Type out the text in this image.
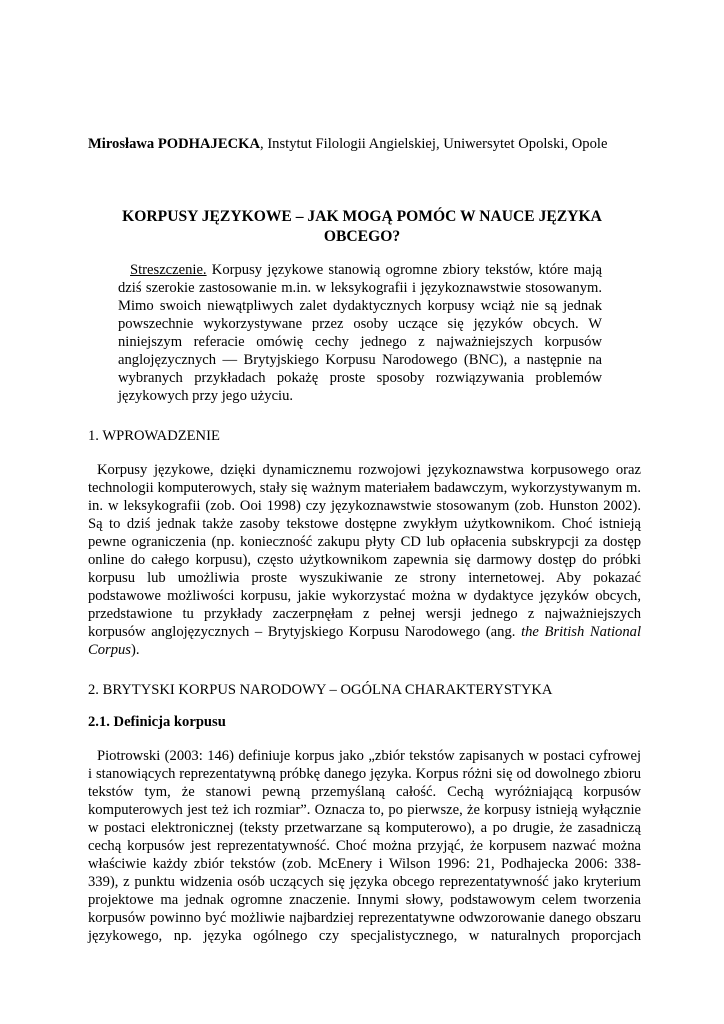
Mirosława PODHAJECKA, Instytut Filologii Angielskiej, Uniwersytet Opolski, Opole
KORPUSY JĘZYKOWE – JAK MOGĄ POMÓC W NAUCE JĘZYKA
OBCEGO?
Streszczenie. Korpusy językowe stanowią ogromne zbiory tekstów, które mają
dziś szerokie zastosowanie m.in. w leksykografii i językoznawstwie stosowanym.
Mimo swoich niewątpliwych zalet dydaktycznych korpusy wciąż nie są jednak
powszechnie wykorzystywane przez osoby uczące się języków obcych. W
niniejszym referacie omówię cechy jednego z najważniejszych korpusów
anglojęzycznych — Brytyjskiego Korpusu Narodowego (BNC), a następnie na
wybranych przykładach pokażę proste sposoby rozwiązywania problemów
językowych przy jego użyciu.
1. WPROWADZENIE
Korpusy językowe, dzięki dynamicznemu rozwojowi językoznawstwa korpusowego oraz
technologii komputerowych, stały się ważnym materiałem badawczym, wykorzystywanym m.
in. w leksykografii (zob. Ooi 1998) czy językoznawstwie stosowanym (zob. Hunston 2002).
Są to dziś jednak także zasoby tekstowe dostępne zwykłym użytkownikom. Choć istnieją
pewne ograniczenia (np. konieczność zakupu płyty CD lub opłacenia subskrypcji za dostęp
online do całego korpusu), często użytkownikom zapewnia się darmowy dostęp do próbki
korpusu lub umożliwia proste wyszukiwanie ze strony internetowej. Aby pokazać
podstawowe możliwości korpusu, jakie wykorzystać można w dydaktyce języków obcych,
przedstawione tu przykłady zaczerpnęłam z pełnej wersji jednego z najważniejszych
korpusów anglojęzycznych – Brytyjskiego Korpusu Narodowego (ang. the British National
Corpus).
2. BRYTYSKI KORPUS NARODOWY – OGÓLNA CHARAKTERYSTYKA
2.1. Definicja korpusu
Piotrowski (2003: 146) definiuje korpus jako „zbiór tekstów zapisanych w postaci cyfrowej
i stanowiących reprezentatywną próbkę danego języka. Korpus różni się od dowolnego zbioru
tekstów tym, że stanowi pewną przemyślaną całość. Cechą wyróżniającą korpusów
komputerowych jest też ich rozmiar”. Oznacza to, po pierwsze, że korpusy istnieją wyłącznie
w postaci elektronicznej (teksty przetwarzane są komputerowo), a po drugie, że zasadniczą
cechą korpusów jest reprezentatywność. Choć można przyjąć, że korpusem nazwać można
właściwie każdy zbiór tekstów (zob. McEnery i Wilson 1996: 21, Podhajecka 2006: 338-
339), z punktu widzenia osób uczących się języka obcego reprezentatywność jako kryterium
projektowe ma jednak ogromne znaczenie. Innymi słowy, podstawowym celem tworzenia
korpusów powinno być możliwie najbardziej reprezentatywne odwzorowanie danego obszaru
językowego, np. języka ogólnego czy specjalistycznego, w naturalnych proporcjach
